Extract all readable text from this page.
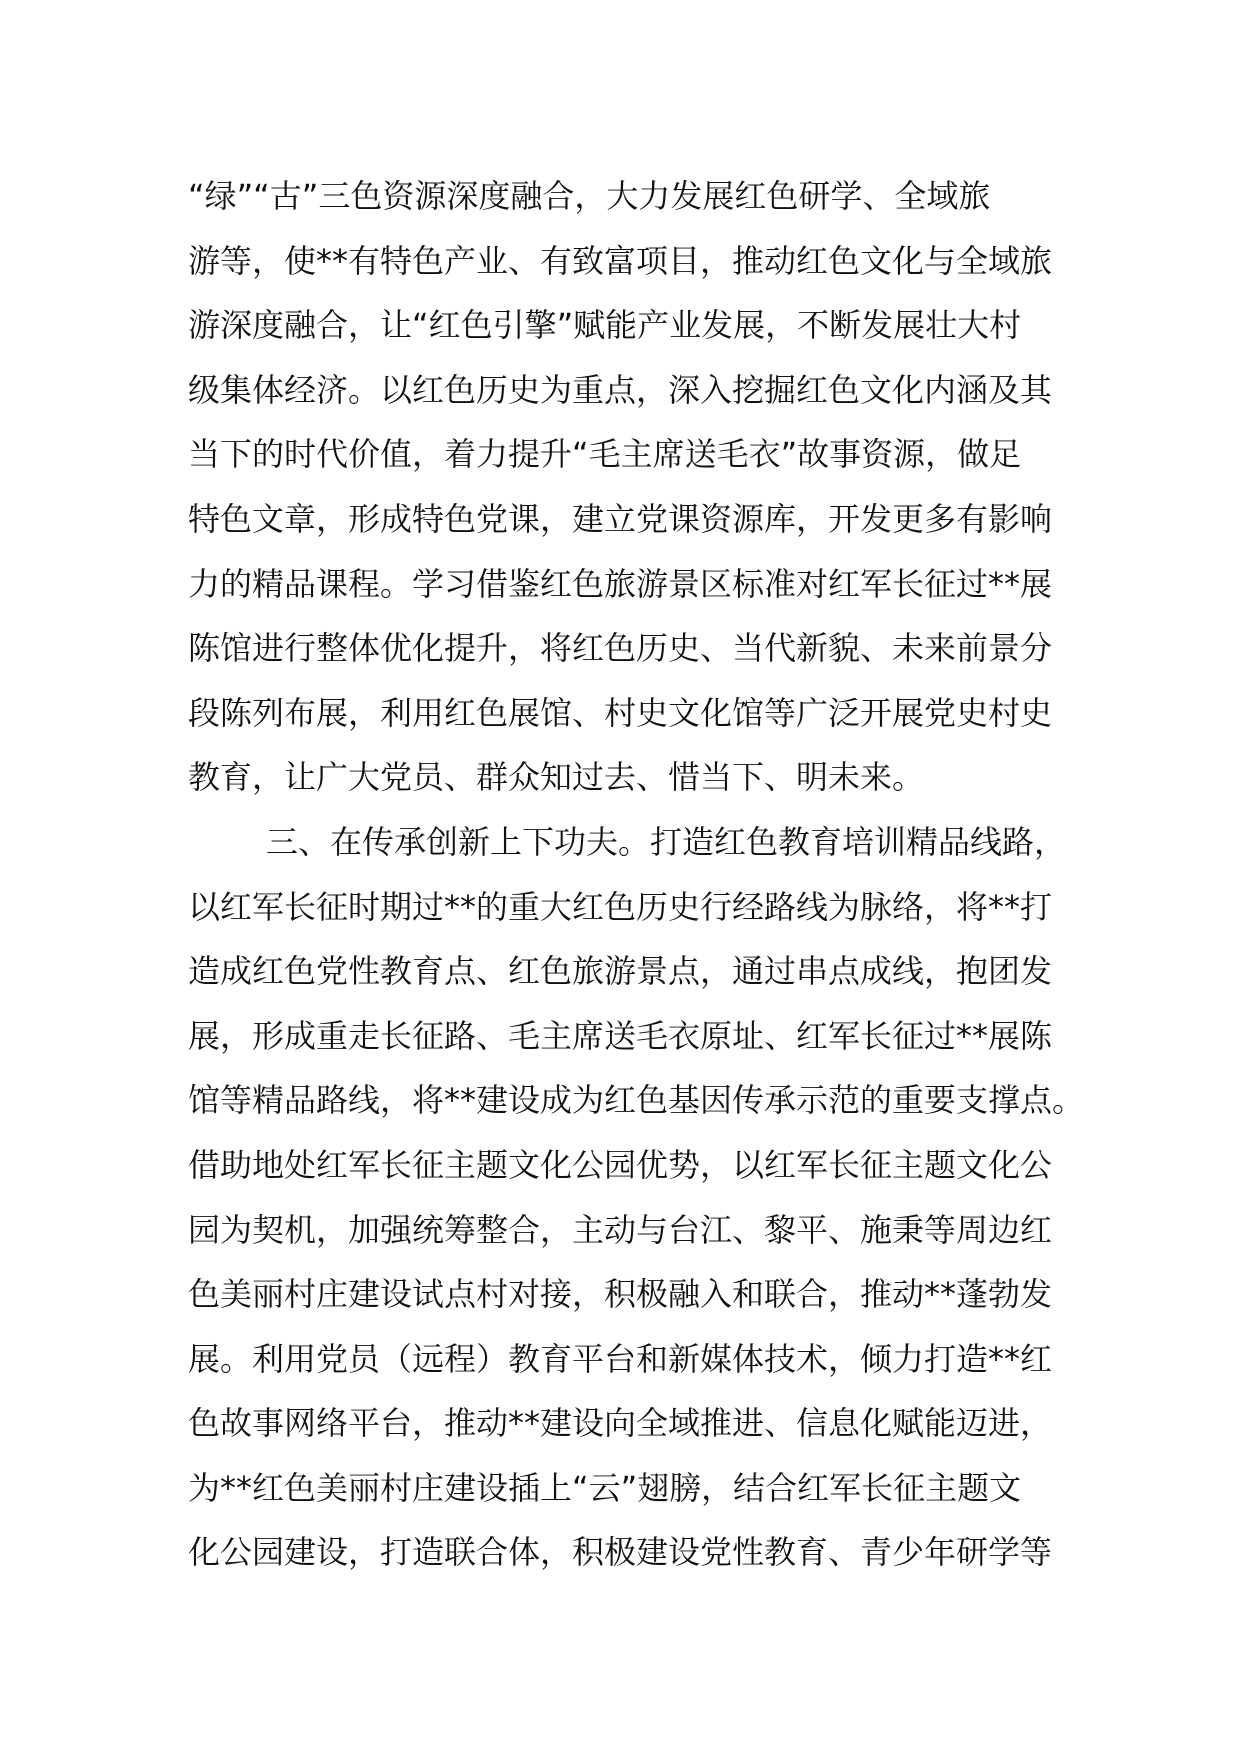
“绿”“古”三色资源深度融合，大力发展红色研学、全域旅
游等，使**有特色产业、有致富项目，推动红色文化与全域旅
游深度融合，让“红色引擎”赋能产业发展，不断发展壮大村
级集体经济。以红色历史为重点，深入挖掘红色文化内涵及其
当下的时代价值，着力提升“毛主席送毛衣”故事资源，做足
特色文章，形成特色党课，建立党课资源库，开发更多有影响
力的精品课程。学习借鉴红色旅游景区标准对红军长征过**展
陈馆进行整体优化提升，将红色历史、当代新貌、未来前景分
段陈列布展，利用红色展馆、村史文化馆等广泛开展党史村史
教育，让广大党员、群众知过去、惜当下、明未来。
三、在传承创新上下功夫。打造红色教育培训精品线路，
以红军长征时期过**的重大红色历史行经路线为脉络，将**打
造成红色党性教育点、红色旅游景点，通过串点成线，抱团发
展，形成重走长征路、毛主席送毛衣原址、红军长征过**展陈
馆等精品路线，将**建设成为红色基因传承示范的重要支撑点。
借助地处红军长征主题文化公园优势，以红军长征主题文化公
园为契机，加强统筹整合，主动与台江、黎平、施秉等周边红
色美丽村庄建设试点村对接，积极融入和联合，推动**蓬勃发
展。利用党员（远程）教育平台和新媒体技术，倾力打造**红
色故事网络平台，推动**建设向全域推进、信息化赋能迈进，
为**红色美丽村庄建设插上“云”翅膀，结合红军长征主题文
化公园建设，打造联合体，积极建设党性教育、青少年研学等
